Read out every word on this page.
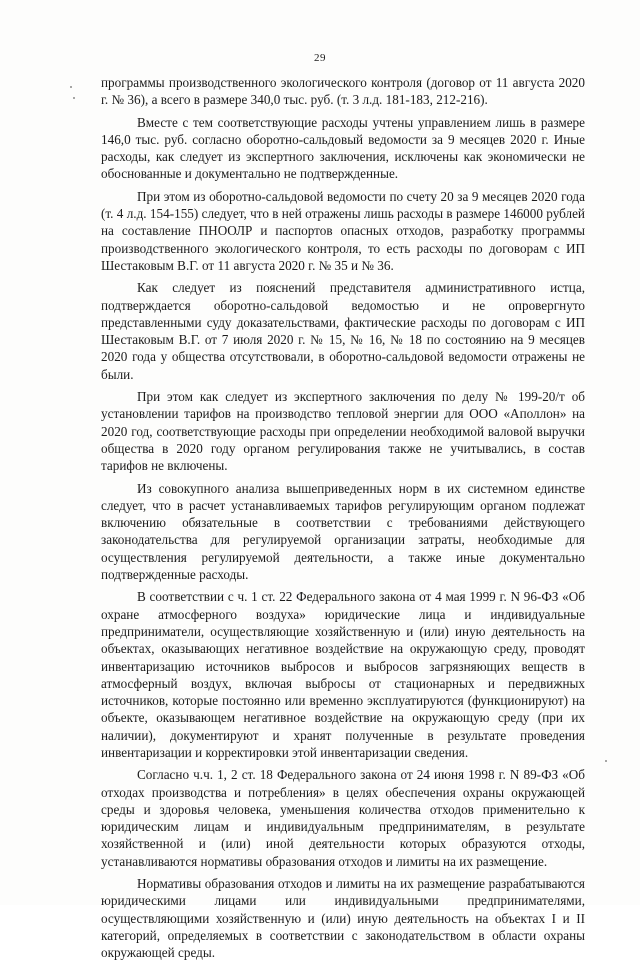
29

программы производственного экологического контроля (договор от 11 августа 2020 г. № 36), а всего в размере 340,0 тыс. руб. (т. 3 л.д. 181-183, 212-216).

Вместе с тем соответствующие расходы учтены управлением лишь в размере 146,0 тыс. руб. согласно оборотно-сальдовый ведомости за 9 месяцев 2020 г. Иные расходы, как следует из экспертного заключения, исключены как экономически не обоснованные и документально не подтвержденные.

При этом из оборотно-сальдовой ведомости по счету 20 за 9 месяцев 2020 года (т. 4 л.д. 154-155) следует, что в ней отражены лишь расходы в размере 146000 рублей на составление ПНООЛР и паспортов опасных отходов, разработку программы производственного экологического контроля, то есть расходы по договорам с ИП Шестаковым В.Г. от 11 августа 2020 г. № 35 и № 36.

Как следует из пояснений представителя административного истца, подтверждается оборотно-сальдовой ведомостью и не опровергнуто представленными суду доказательствами, фактические расходы по договорам с ИП Шестаковым В.Г. от 7 июля 2020 г. № 15, № 16, № 18 по состоянию на 9 месяцев 2020 года у общества отсутствовали, в оборотно-сальдовой ведомости отражены не были.

При этом как следует из экспертного заключения по делу № 199-20/т об установлении тарифов на производство тепловой энергии для ООО «Аполлон» на 2020 год, соответствующие расходы при определении необходимой валовой выручки общества в 2020 году органом регулирования также не учитывались, в состав тарифов не включены.

Из совокупного анализа вышеприведенных норм в их системном единстве следует, что в расчет устанавливаемых тарифов регулирующим органом подлежат включению обязательные в соответствии с требованиями действующего законодательства для регулируемой организации затраты, необходимые для осуществления регулируемой деятельности, а также иные документально подтвержденные расходы.

В соответствии с ч. 1 ст. 22 Федерального закона от 4 мая 1999 г. N 96-ФЗ «Об охране атмосферного воздуха» юридические лица и индивидуальные предприниматели, осуществляющие хозяйственную и (или) иную деятельность на объектах, оказывающих негативное воздействие на окружающую среду, проводят инвентаризацию источников выбросов и выбросов загрязняющих веществ в атмосферный воздух, включая выбросы от стационарных и передвижных источников, которые постоянно или временно эксплуатируются (функционируют) на объекте, оказывающем негативное воздействие на окружающую среду (при их наличии), документируют и хранят полученные в результате проведения инвентаризации и корректировки этой инвентаризации сведения.

Согласно ч.ч. 1, 2 ст. 18 Федерального закона от 24 июня 1998 г. N 89-ФЗ «Об отходах производства и потребления» в целях обеспечения охраны окружающей среды и здоровья человека, уменьшения количества отходов применительно к юридическим лицам и индивидуальным предпринимателям, в результате хозяйственной и (или) иной деятельности которых образуются отходы, устанавливаются нормативы образования отходов и лимиты на их размещение.

Нормативы образования отходов и лимиты на их размещение разрабатываются юридическими лицами или индивидуальными предпринимателями, осуществляющими хозяйственную и (или) иную деятельность на объектах I и II категорий, определяемых в соответствии с законодательством в области охраны окружающей среды.
